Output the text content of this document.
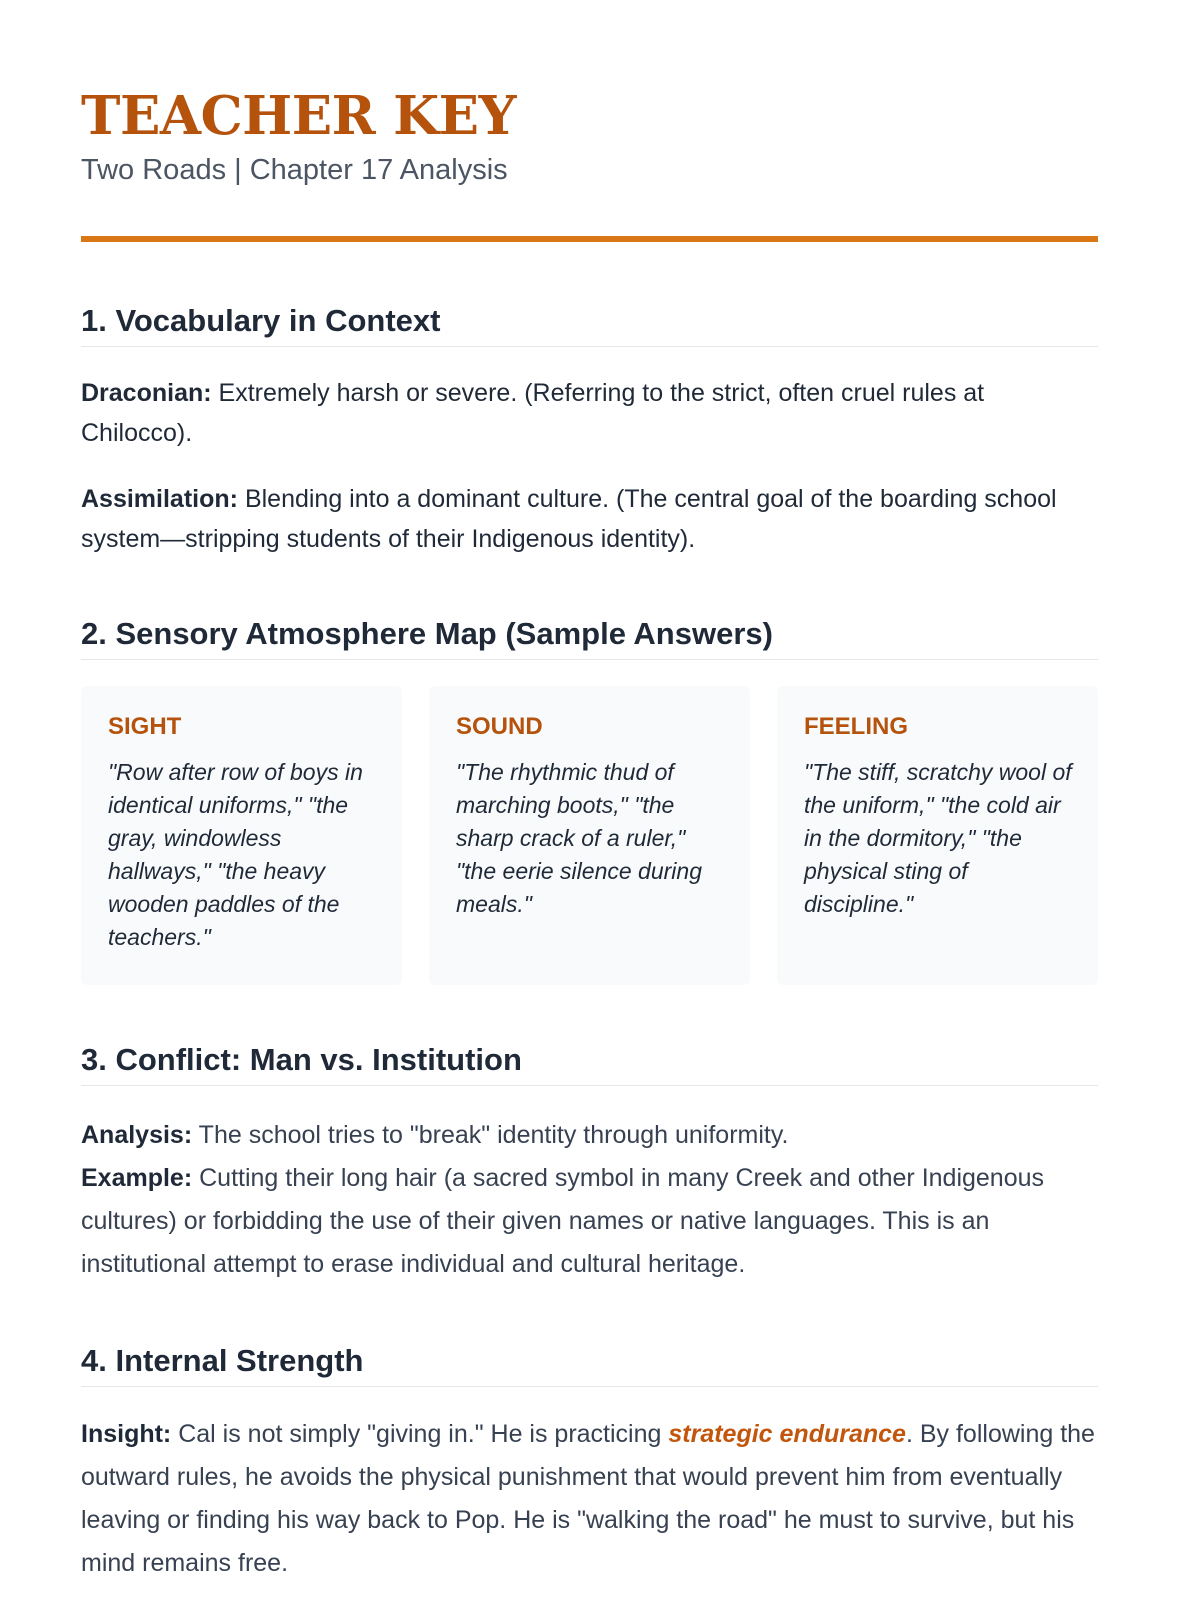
TEACHER KEY
Two Roads | Chapter 17 Analysis
1. Vocabulary in Context
Draconian: Extremely harsh or severe. (Referring to the strict, often cruel rules at Chilocco).
Assimilation: Blending into a dominant culture. (The central goal of the boarding school system—stripping students of their Indigenous identity).
2. Sensory Atmosphere Map (Sample Answers)
SIGHT
"Row after row of boys in identical uniforms," "the gray, windowless hallways," "the heavy wooden paddles of the teachers."
SOUND
"The rhythmic thud of marching boots," "the sharp crack of a ruler," "the eerie silence during meals."
FEELING
"The stiff, scratchy wool of the uniform," "the cold air in the dormitory," "the physical sting of discipline."
3. Conflict: Man vs. Institution
Analysis: The school tries to "break" identity through uniformity.
Example: Cutting their long hair (a sacred symbol in many Creek and other Indigenous cultures) or forbidding the use of their given names or native languages. This is an institutional attempt to erase individual and cultural heritage.
4. Internal Strength
Insight: Cal is not simply "giving in." He is practicing strategic endurance. By following the outward rules, he avoids the physical punishment that would prevent him from eventually leaving or finding his way back to Pop. He is "walking the road" he must to survive, but his mind remains free.
